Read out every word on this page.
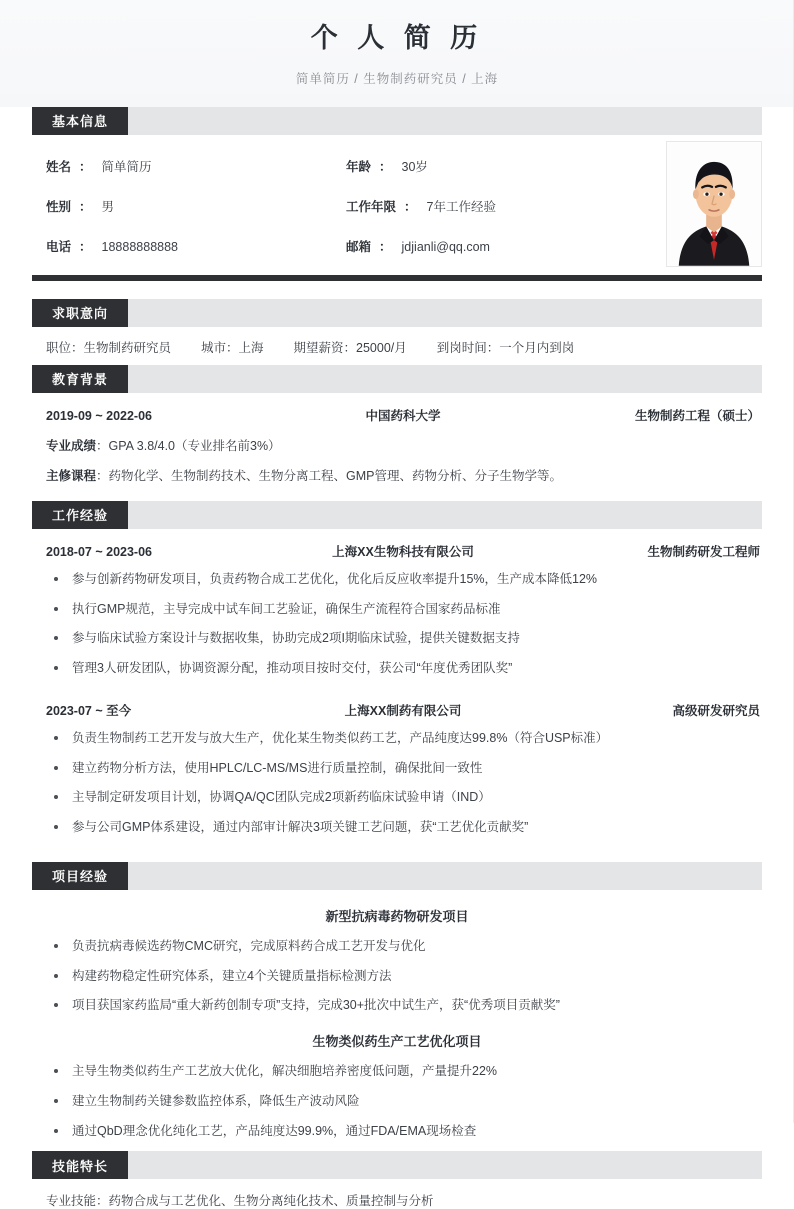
个 人 简 历
简单简历 / 生物制药研究员 / 上海
基本信息
姓名 ： 简单简历	年龄 ： 30岁
性别 ： 男	工作年限 ： 7年工作经验
电话 ： 18888888888	邮箱 ： jdjianli@qq.com
求职意向
职位：生物制药研究员 城市：上海 期望薪资：25000/月 到岗时间：一个月内到岗
教育背景
2019-09 ~ 2022-06	中国药科大学	生物制药工程（硕士）
专业成绩：GPA 3.8/4.0（专业排名前3%）
主修课程：药物化学、生物制药技术、生物分离工程、GMP管理、药物分析、分子生物学等。
工作经验
2018-07 ~ 2023-06	上海XX生物科技有限公司	生物制药研发工程师
参与创新药物研发项目，负责药物合成工艺优化，优化后反应收率提升15%，生产成本降低12%
执行GMP规范，主导完成中试车间工艺验证，确保生产流程符合国家药品标准
参与临床试验方案设计与数据收集，协助完成2项I期临床试验，提供关键数据支持
管理3人研发团队，协调资源分配，推动项目按时交付，获公司“年度优秀团队奖”
2023-07 ~ 至今	上海XX制药有限公司	高级研发研究员
负责生物制药工艺开发与放大生产，优化某生物类似药工艺，产品纯度达99.8%（符合USP标准）
建立药物分析方法，使用HPLC/LC-MS/MS进行质量控制，确保批间一致性
主导制定研发项目计划，协调QA/QC团队完成2项新药临床试验申请（IND）
参与公司GMP体系建设，通过内部审计解决3项关键工艺问题，获“工艺优化贡献奖”
项目经验
新型抗病毒药物研发项目
负责抗病毒候选药物CMC研究，完成原料药合成工艺开发与优化
构建药物稳定性研究体系，建立4个关键质量指标检测方法
项目获国家药监局“重大新药创制专项”支持，完成30+批次中试生产，获“优秀项目贡献奖”
生物类似药生产工艺优化项目
主导生物类似药生产工艺放大优化，解决细胞培养密度低问题，产量提升22%
建立生物制药关键参数监控体系，降低生产波动风险
通过QbD理念优化纯化工艺，产品纯度达99.9%，通过FDA/EMA现场检查
技能特长
专业技能：药物合成与工艺优化、生物分离纯化技术、质量控制与分析
